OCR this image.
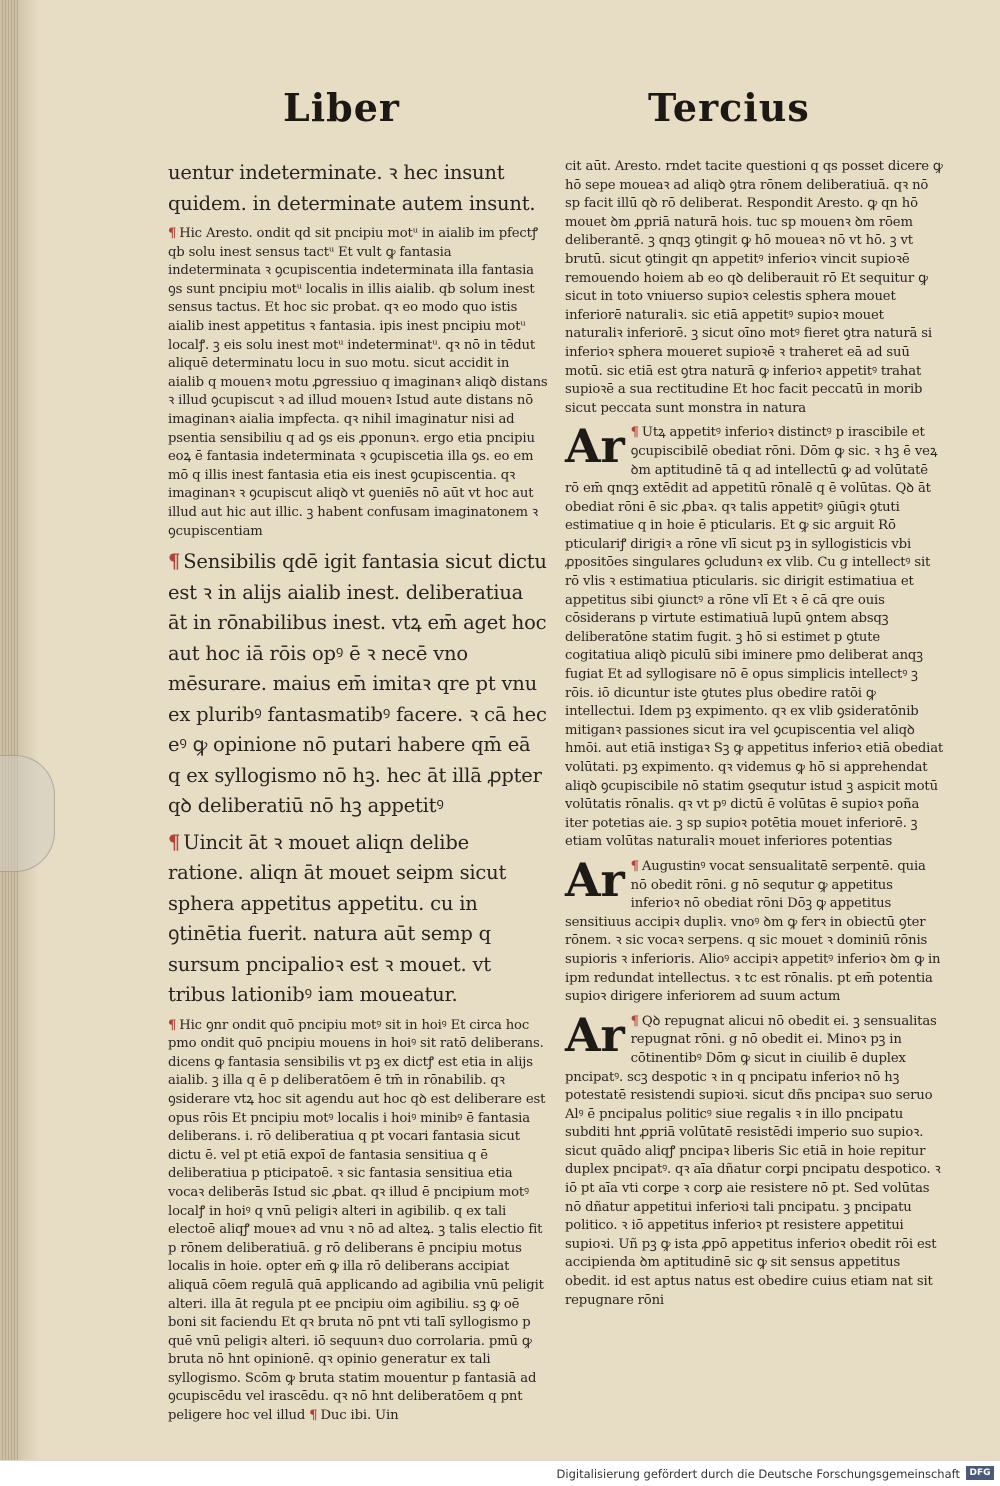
Liber	Tercius

uentur indeterminate. ꝛ hec insunt quidem. in determinate autem insunt.

¶ Hic Aresto. ondit qd sit pncipiu motᵘ in aialib im pfectꝭ qb solu inest sensus tactᵘ Et vult ꝙ fantasia indeterminata ꝛ ꝯcupiscentia indeterminata illa fantasia ꝯs sunt pncipiu motᵘ localis in illis aialib. qb solum inest sensus tactus. Et hoc sic probat. qꝛ eo modo quo istis aialib inest appetitus ꝛ fantasia. ipis inest pncipiu motᵘ localꝭ. ꝫ eis solu inest motᵘ indeterminatᵘ. qꝛ nō in tēdut aliquē determinatu locu in suo motu. sicut accidit in aialib q mouenꝛ motu ꝓgressiuo q imaginanꝛ aliqꝺ distans ꝛ illud ꝯcupiscut ꝛ ad illud mouenꝛ Istud aute distans nō imaginanꝛ aialia impfecta. qꝛ nihil imaginatur nisi ad psentia sensibiliu q ad ꝯs eis ꝓponunꝛ. ergo etia pncipiu eoꝝ ē fantasia indeterminata ꝛ ꝯcupiscetia illa ꝯs. eo em mō q illis inest fantasia etia eis inest ꝯcupiscentia. qꝛ imaginanꝛ ꝛ ꝯcupiscut aliqꝺ vt ꝯueniēs nō aūt vt hoc aut illud aut hic aut illic. ꝫ habent confusam imaginatonem ꝛ ꝯcupiscentiam

¶ Sensibilis qdē igit fantasia sicut dictu est ꝛ in alijs aialib inest. deliberatiua āt in rōnabilibus inest. vtꝝ em̄ aget hoc aut hoc iā rōis opꝰ ē ꝛ necē vno mēsurare. maius em̄ imitaꝛ qre pt vnu ex pluribꝰ fantasmatibꝰ facere. ꝛ cā hec eꝰ ꝙ opinione nō putari habere qm̄ eā q ex syllogismo nō hꝫ. hec āt illā ꝓpter qꝺ deliberatiū nō hꝫ appetitꝰ

¶ Uincit āt ꝛ mouet aliqn delibe ratione. aliqn āt mouet seipm sicut sphera appetitus appetitu. cu in ꝯtinētia fuerit. natura aūt semp q sursum pncipalioꝛ est ꝛ mouet. vt tribus lationibꝰ iam moueatur.

¶ Hic ꝯnr ondit quō pncipiu motꝰ sit in hoiꝰ Et circa hoc pmo ondit quō pncipiu mouens in hoiꝰ sit ratō deliberans. dicens ꝙ fantasia sensibilis vt pꝫ ex dictꝭ est etia in alijs aialib. ꝫ illa q ē p deliberatōem ē tm̄ in rōnabilib. qꝛ ꝯsiderare vtꝝ hoc sit agendu aut hoc qꝺ est deliberare est opus rōis Et pncipiu motꝰ localis i hoiꝰ minibꝰ ē fantasia deliberans. i. rō deliberatiua q pt vocari fantasia sicut dictu ē. vel pt etiā expoī de fantasia sensitiua q ē deliberatiua p pticipatoē. ꝛ sic fantasia sensitiua etia vocaꝛ deliberās Istud sic ꝓbat. qꝛ illud ē pncipium motꝰ localꝭ in hoiꝰ q vnū peligiꝛ alteri in agibilib. q ex tali electoē aliqꝭ moueꝛ ad vnu ꝛ nō ad alteꝝ. ꝫ talis electio fit p rōnem deliberatiuā. g rō deliberans ē pncipiu motus localis in hoie. opter em̄ ꝙ illa rō deliberans accipiat aliquā cōem regulā quā applicando ad agibilia vnū peligit alteri. illa āt regula pt ee pncipiu oim agibiliu. sꝫ ꝙ oē boni sit faciendu Et qꝛ bruta nō pnt vti talī syllogismo p quē vnū peligiꝛ alteri. iō sequunꝛ duo corrolaria. pmū ꝙ bruta nō hnt opinionē. qꝛ opinio generatur ex tali syllogismo. Scōm ꝙ bruta statim mouentur p fantasiā ad ꝯcupiscēdu vel irascēdu. qꝛ nō hnt deliberatōem q pnt peligere hoc vel illud ¶ Duc ibi. Uin

cit aūt. Aresto. rndet tacite questioni q qs posset dicere ꝙ hō sepe moueaꝛ ad aliqꝺ ꝯtra rōnem deliberatiuā. qꝛ nō sp facit illū qꝺ rō deliberat. Respondit Aresto. ꝙ qn hō mouet ꝺm ꝓpriā naturā hois. tuc sp mouenꝛ ꝺm rōem deliberantē. ꝫ qnqꝫ ꝯtingit ꝙ hō moueaꝛ nō vt hō. ꝫ vt brutū. sicut ꝯtingit qn appetitꝰ inferioꝛ vincit supioꝛē remouendo hoiem ab eo qꝺ deliberauit rō Et sequitur ꝙ sicut in toto vniuerso supioꝛ celestis sphera mouet inferiorē naturaliꝛ. sic etiā appetitꝰ supioꝛ mouet naturaliꝛ inferiorē. ꝫ sicut oīno motꝰ fieret ꝯtra naturā si inferioꝛ sphera moueret supioꝛē ꝛ traheret eā ad suū motū. sic etiā est ꝯtra naturā ꝙ inferioꝛ appetitꝰ trahat supioꝛē a sua rectitudine Et hoc facit peccatū in morib sicut peccata sunt monstra in natura

Ar ¶ Utꝝ appetitꝰ inferioꝛ distinctꝰ p irascibile et ꝯcupiscibilē obediat rōni. Dōm ꝙ sic. ꝛ hꝫ ē veꝝ ꝺm aptitudinē tā q ad intellectū ꝙ ad volūtatē rō em̄ qnqꝫ extēdit ad appetitū rōnalē q ē volūtas. Qꝺ āt obediat rōni ē sic ꝓbaꝛ. qꝛ talis appetitꝰ ꝯiūgiꝛ ꝯtuti estimatiue q in hoie ē pticularis. Et ꝙ sic arguit Rō pticulariꝭ dirigiꝛ a rōne vlī sicut pꝫ in syllogisticis vbi ꝓpositōes singulares ꝯcludunꝛ ex vlib. Cu g intellectꝰ sit rō vlis ꝛ estimatiua pticularis. sic dirigit estimatiua et appetitus sibi ꝯiunctꝰ a rōne vlī Et ꝛ ē cā qre ouis cōsiderans p virtute estimatiuā lupū ꝯntem absqꝫ deliberatōne statim fugit. ꝫ hō si estimet p ꝯtute cogitatiua aliqꝺ piculū sibi iminere pmo deliberat anqꝫ fugiat Et ad syllogisare nō ē opus simplicis intellectꝰ ꝫ rōis. iō dicuntur iste ꝯtutes plus obedire ratōi ꝙ intellectui. Idem pꝫ expimento. qꝛ ex vlib ꝯsideratōnib mitiganꝛ passiones sicut ira vel ꝯcupiscentia vel aliqꝺ hmōi. aut etiā instigaꝛ Sꝫ ꝙ appetitus inferioꝛ etiā obediat volūtati. pꝫ expimento. qꝛ videmus ꝙ hō si apprehendat aliqꝺ ꝯcupiscibile nō statim ꝯsequtur istud ꝫ aspicit motū volūtatis rōnalis. qꝛ vt pꝰ dictū ē volūtas ē supioꝛ poña iter potetias aie. ꝫ sp supioꝛ potētia mouet inferiorē. ꝫ etiam volūtas naturaliꝛ mouet inferiores potentias

Ar ¶ Augustinꝰ vocat sensualitatē serpentē. quia nō obedit rōni. g nō sequtur ꝙ appetitus inferioꝛ nō obediat rōni Dōꝫ ꝙ appetitus sensitiuus accipiꝛ dupliꝛ. vnoꝰ ꝺm ꝙ ferꝛ in obiectū ꝯter rōnem. ꝛ sic vocaꝛ serpens. q sic mouet ꝛ dominiū rōnis supioris ꝛ inferioris. Alioꝰ accipiꝛ appetitꝰ inferioꝛ ꝺm ꝙ in ipm redundat intellectus. ꝛ tc est rōnalis. pt em̄ potentia supioꝛ dirigere inferiorem ad suum actum

Ar ¶ Qꝺ repugnat alicui nō obedit ei. ꝫ sensualitas repugnat rōni. g nō obedit ei. Minoꝛ pꝫ in cōtinentibꝰ Dōm ꝙ sicut in ciuilib ē duplex pncipatꝰ. scꝫ despotic ꝛ in q pncipatu inferioꝛ nō hꝫ potestatē resistendi supioꝛi. sicut dñs pncipaꝛ suo seruo Alꝰ ē pncipalus politicꝰ siue regalis ꝛ in illo pncipatu subditi hnt ꝓpriā volūtatē resistēdi imperio suo supioꝛ. sicut quādo aliqꝭ pncipaꝛ liberis Sic etiā in hoie repitur duplex pncipatꝰ. qꝛ aīa dñatur corꝑi pncipatu despotico. ꝛ iō pt aīa vti corꝑe ꝛ corꝑ aie resistere nō pt. Sed volūtas nō dñatur appetitui inferioꝛi tali pncipatu. ꝫ pncipatu politico. ꝛ iō appetitus inferioꝛ pt resistere appetitui supioꝛi. Uñ pꝫ ꝙ ista ꝓpō appetitus inferioꝛ obedit rōi est accipienda ꝺm aptitudinē sic ꝙ sit sensus appetitus obedit. id est aptus natus est obedire cuius etiam nat sit repugnare rōni

Digitalisierung gefördert durch die Deutsche Forschungsgemeinschaft	DFG
